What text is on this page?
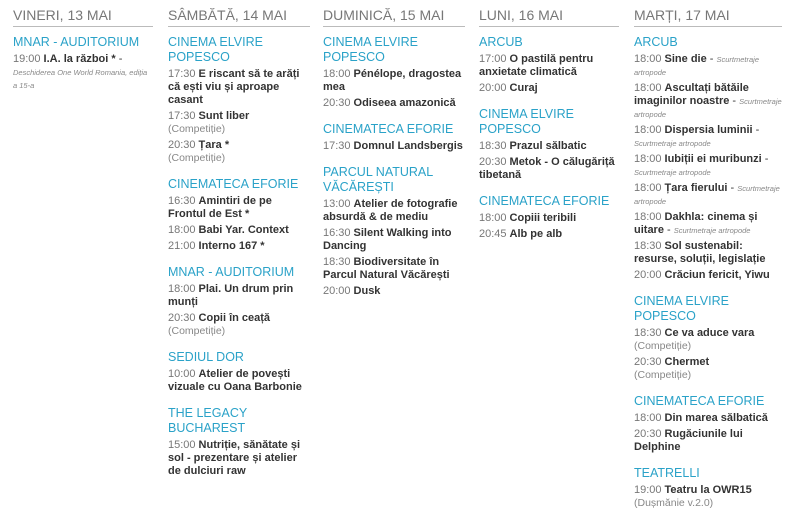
VINERI, 13 MAI
MNAR - AUDITORIUM
19:00 I.A. la război * -Deschiderea One World Romania, ediția a 15-a
SÂMBĂTĂ, 14 MAI
CINEMA ELVIRE POPESCO
17:30 E riscant să te arăți că ești viu și aproape casant
17:30 Sunt liber
(Competiție)
20:30 Țara *
(Competiție)
CINEMATECA EFORIE
16:30 Amintiri de pe Frontul de Est *
18:00 Babi Yar. Context
21:00 Interno 167 *
MNAR - AUDITORIUM
18:00 Plai. Un drum prin munți
20:30 Copii în ceață
(Competiție)
SEDIUL DOR
10:00 Atelier de povești vizuale cu Oana Barbonie
THE LEGACY BUCHAREST
15:00 Nutriție, sănătate și sol - prezentare și atelier de dulciuri raw
DUMINICĂ, 15 MAI
CINEMA ELVIRE POPESCO
18:00 Pénélope, dragostea mea
20:30 Odiseea amazonică
CINEMATECA EFORIE
17:30 Domnul Landsbergis
PARCUL NATURAL VĂCĂREȘTI
13:00 Atelier de fotografie absurdă & de mediu
16:30 Silent Walking into Dancing
18:30 Biodiversitate în Parcul Natural Văcărești
20:00 Dusk
LUNI, 16 MAI
ARCUB
17:00 O pastilă pentru anxietate climatică
20:00 Curaj
CINEMA ELVIRE POPESCO
18:30 Prazul sălbatic
20:30 Metok - O călugăriță tibetană
CINEMATECA EFORIE
18:00 Copiii teribili
20:45 Alb pe alb
MARȚI, 17 MAI
ARCUB
18:00 Sine die - Scurtmetraje artropode
18:00 Ascultați bătăile imaginilor noastre - Scurtmetraje artropode
18:00 Dispersia luminii - Scurtmetraje artropode
18:00 Iubiții ei muribunzi - Scurtmetraje artropode
18:00 Țara fierului - Scurtmetraje artropode
18:00 Dakhla: cinema și uitare - Scurtmetraje artropode
18:30 Sol sustenabil: resurse, soluții, legislație
20:00 Crăciun fericit, Yiwu
CINEMA ELVIRE POPESCO
18:30 Ce va aduce vara
(Competiție)
20:30 Chermet
(Competiție)
CINEMATECA EFORIE
18:00 Din marea sălbatică
20:30 Rugăciunile lui Delphine
TEATRELLI
19:00 Teatru la OWR15
(Dușmănie v.2.0)
